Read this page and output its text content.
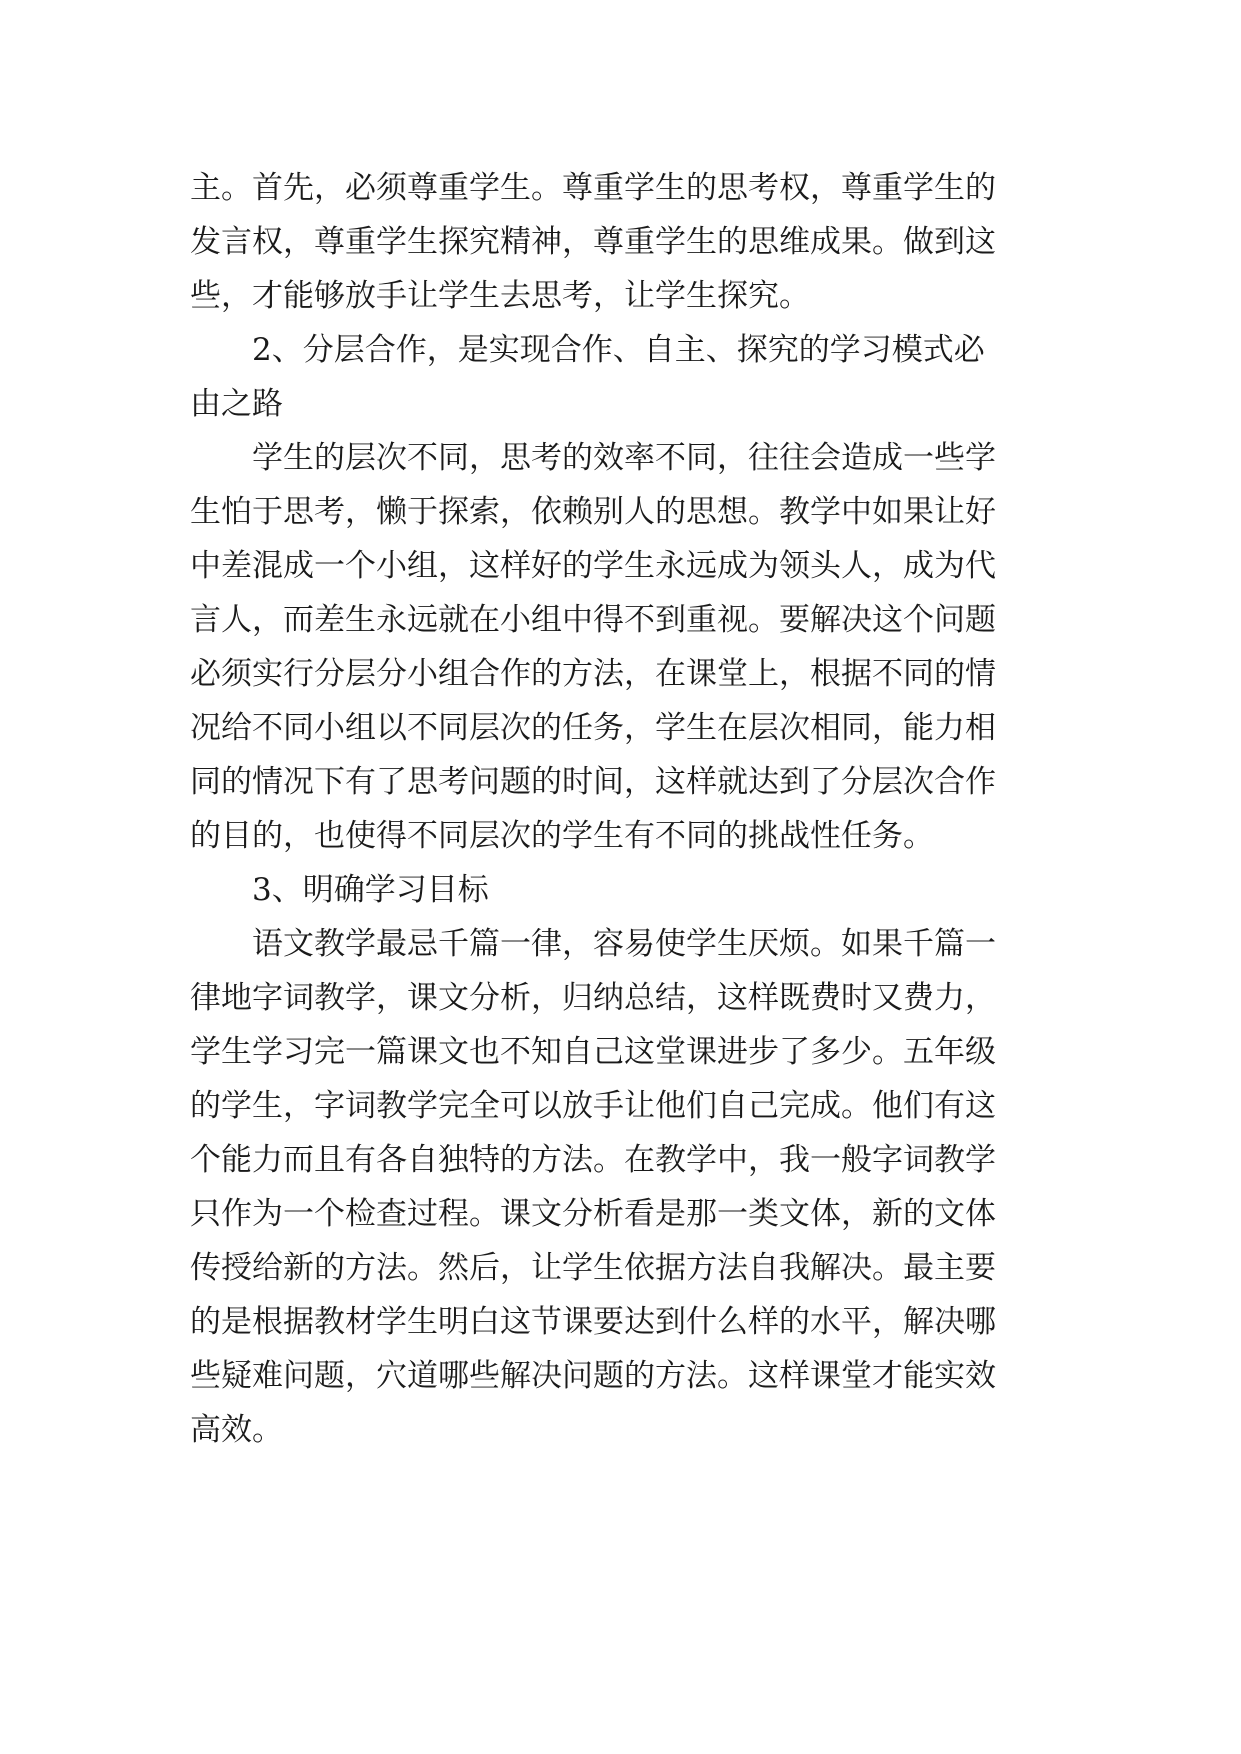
主。首先，必须尊重学生。尊重学生的思考权，尊重学生的
发言权，尊重学生探究精神，尊重学生的思维成果。做到这
些，才能够放手让学生去思考，让学生探究。
2、分层合作，是实现合作、自主、探究的学习模式必
由之路
学生的层次不同，思考的效率不同，往往会造成一些学
生怕于思考，懒于探索，依赖别人的思想。教学中如果让好
中差混成一个小组，这样好的学生永远成为领头人，成为代
言人，而差生永远就在小组中得不到重视。要解决这个问题
必须实行分层分小组合作的方法，在课堂上，根据不同的情
况给不同小组以不同层次的任务，学生在层次相同，能力相
同的情况下有了思考问题的时间，这样就达到了分层次合作
的目的，也使得不同层次的学生有不同的挑战性任务。
3、明确学习目标
语文教学最忌千篇一律，容易使学生厌烦。如果千篇一
律地字词教学，课文分析，归纳总结，这样既费时又费力，
学生学习完一篇课文也不知自己这堂课进步了多少。五年级
的学生，字词教学完全可以放手让他们自己完成。他们有这
个能力而且有各自独特的方法。在教学中，我一般字词教学
只作为一个检查过程。课文分析看是那一类文体，新的文体
传授给新的方法。然后，让学生依据方法自我解决。最主要
的是根据教材学生明白这节课要达到什么样的水平，解决哪
些疑难问题，穴道哪些解决问题的方法。这样课堂才能实效
高效。
